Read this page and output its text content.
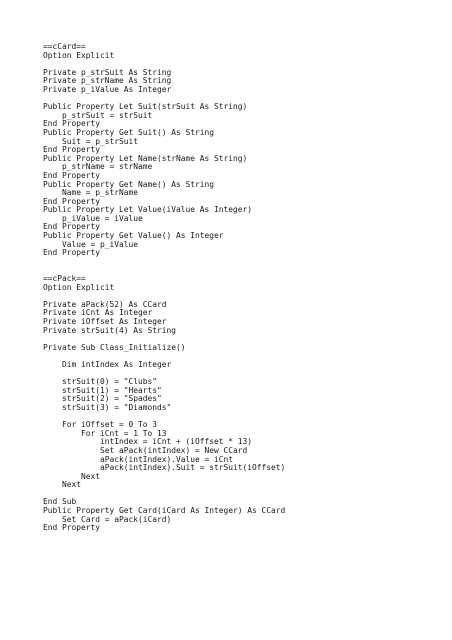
==cCard==
Option Explicit
Private p_strSuit As String
Private p_strName As String
Private p_iValue As Integer
Public Property Let Suit(strSuit As String)
p_strSuit = strSuit
End Property
Public Property Get Suit() As String
Suit = p_strSuit
End Property
Public Property Let Name(strName As String)
p_strName = strName
End Property
Public Property Get Name() As String
Name = p_strName
End Property
Public Property Let Value(iValue As Integer)
p_iValue = iValue
End Property
Public Property Get Value() As Integer
Value = p_iValue
End Property
==cPack==
Option Explicit
Private aPack(52) As CCard
Private iCnt As Integer
Private iOffset As Integer
Private strSuit(4) As String
Private Sub Class_Initialize()
Dim intIndex As Integer
strSuit(0) = "Clubs"
strSuit(1) = "Hearts"
strSuit(2) = "Spades"
strSuit(3) = "Diamonds"
For iOffset = 0 To 3
For iCnt = 1 To 13
intIndex = iCnt + (iOffset * 13)
Set aPack(intIndex) = New CCard
aPack(intIndex).Value = iCnt
aPack(intIndex).Suit = strSuit(iOffset)
Next
Next
End Sub
Public Property Get Card(iCard As Integer) As CCard
Set Card = aPack(iCard)
End Property
